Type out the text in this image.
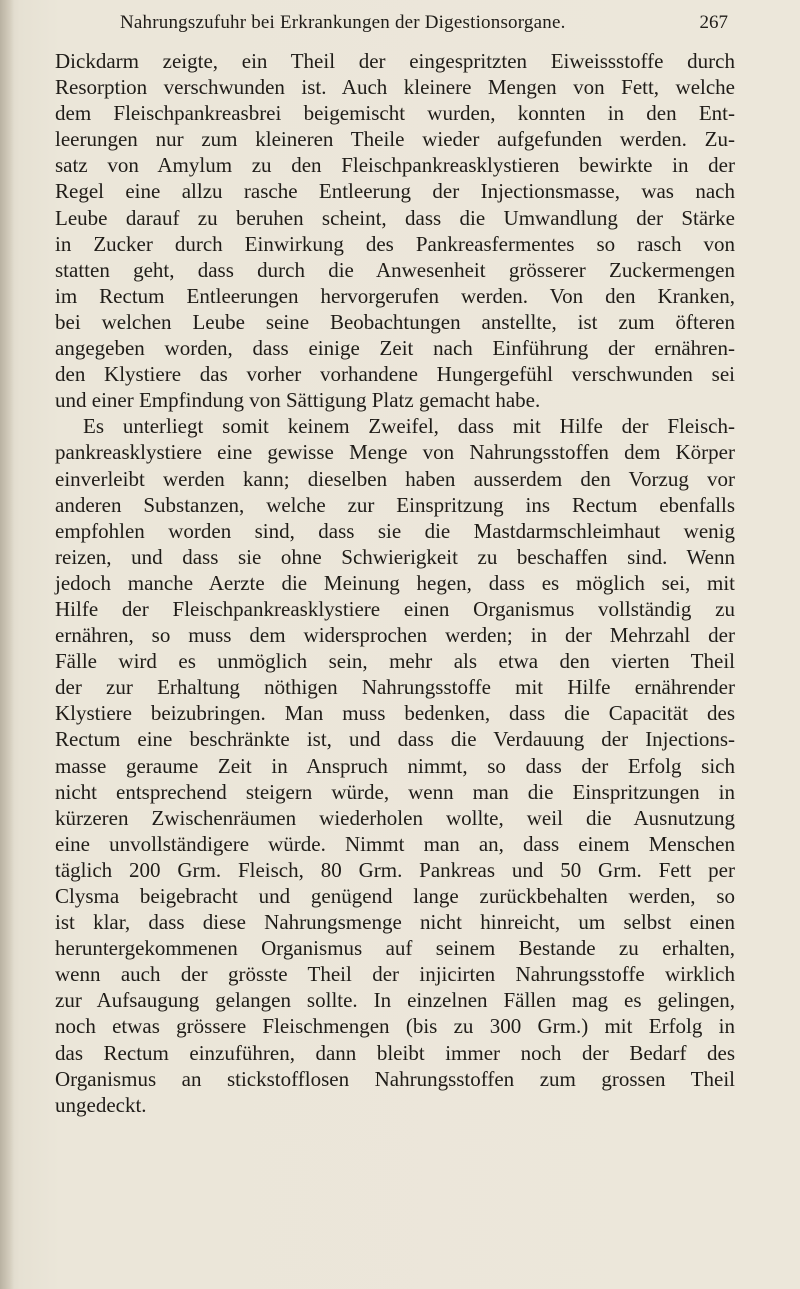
Nahrungszufuhr bei Erkrankungen der Digestionsorgane.	267
Dickdarm zeigte, ein Theil der eingespritzten Eiweissstoffe durch
Resorption verschwunden ist. Auch kleinere Mengen von Fett, welche
dem Fleischpankreasbrei beigemischt wurden, konnten in den Ent-
leerungen nur zum kleineren Theile wieder aufgefunden werden. Zu-
satz von Amylum zu den Fleischpankreasklystieren bewirkte in der
Regel eine allzu rasche Entleerung der Injectionsmasse, was nach
Leube darauf zu beruhen scheint, dass die Umwandlung der Stärke
in Zucker durch Einwirkung des Pankreasfermentes so rasch von
statten geht, dass durch die Anwesenheit grösserer Zuckermengen
im Rectum Entleerungen hervorgerufen werden. Von den Kranken,
bei welchen Leube seine Beobachtungen anstellte, ist zum öfteren
angegeben worden, dass einige Zeit nach Einführung der ernähren-
den Klystiere das vorher vorhandene Hungergefühl verschwunden sei
und einer Empfindung von Sättigung Platz gemacht habe.
Es unterliegt somit keinem Zweifel, dass mit Hilfe der Fleisch-
pankreasklystiere eine gewisse Menge von Nahrungsstoffen dem Körper
einverleibt werden kann; dieselben haben ausserdem den Vorzug vor
anderen Substanzen, welche zur Einspritzung ins Rectum ebenfalls
empfohlen worden sind, dass sie die Mastdarmschleimhaut wenig
reizen, und dass sie ohne Schwierigkeit zu beschaffen sind. Wenn
jedoch manche Aerzte die Meinung hegen, dass es möglich sei, mit
Hilfe der Fleischpankreasklystiere einen Organismus vollständig zu
ernähren, so muss dem widersprochen werden; in der Mehrzahl der
Fälle wird es unmöglich sein, mehr als etwa den vierten Theil
der zur Erhaltung nöthigen Nahrungsstoffe mit Hilfe ernährender
Klystiere beizubringen. Man muss bedenken, dass die Capacität des
Rectum eine beschränkte ist, und dass die Verdauung der Injections-
masse geraume Zeit in Anspruch nimmt, so dass der Erfolg sich
nicht entsprechend steigern würde, wenn man die Einspritzungen in
kürzeren Zwischenräumen wiederholen wollte, weil die Ausnutzung
eine unvollständigere würde. Nimmt man an, dass einem Menschen
täglich 200 Grm. Fleisch, 80 Grm. Pankreas und 50 Grm. Fett per
Clysma beigebracht und genügend lange zurückbehalten werden, so
ist klar, dass diese Nahrungsmenge nicht hinreicht, um selbst einen
heruntergekommenen Organismus auf seinem Bestande zu erhalten,
wenn auch der grösste Theil der injicirten Nahrungsstoffe wirklich
zur Aufsaugung gelangen sollte. In einzelnen Fällen mag es gelingen,
noch etwas grössere Fleischmengen (bis zu 300 Grm.) mit Erfolg in
das Rectum einzuführen, dann bleibt immer noch der Bedarf des
Organismus an stickstofflosen Nahrungsstoffen zum grossen Theil
ungedeckt.
